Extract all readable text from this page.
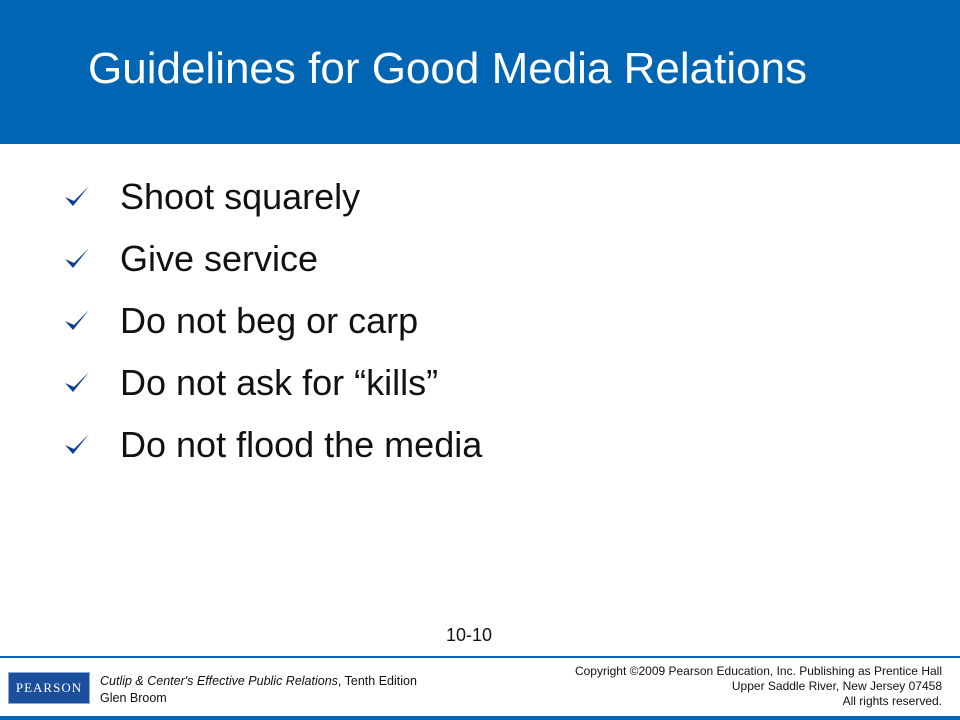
Guidelines for Good Media Relations
Shoot squarely
Give service
Do not beg or carp
Do not ask for “kills”
Do not flood the media
10-10
PEARSON	Cutlip & Center's Effective Public Relations, Tenth Edition
Glen Broom
Copyright ©2009 Pearson Education, Inc. Publishing as Prentice Hall
Upper Saddle River, New Jersey 07458
All rights reserved.
